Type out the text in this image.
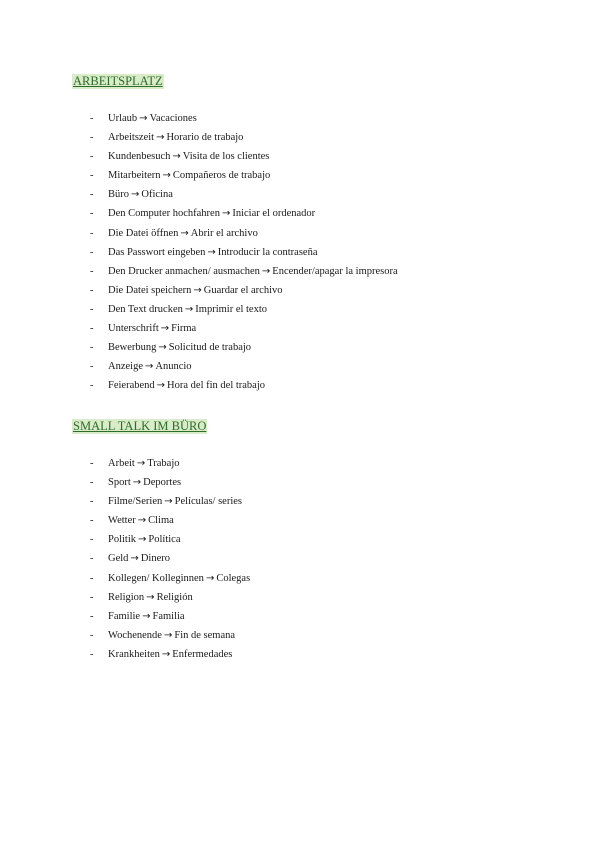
ARBEITSPLATZ
- Urlaub → Vacaciones
- Arbeitszeit → Horario de trabajo
- Kundenbesuch → Visita de los clientes
- Mitarbeitern → Compañeros de trabajo
- Büro → Oficina
- Den Computer hochfahren → Iniciar el ordenador
- Die Datei öffnen → Abrir el archivo
- Das Passwort eingeben → Introducir la contraseña
- Den Drucker anmachen/ ausmachen → Encender/apagar la impresora
- Die Datei speichern → Guardar el archivo
- Den Text drucken → Imprimir el texto
- Unterschrift → Firma
- Bewerbung → Solicitud de trabajo
- Anzeige → Anuncio
- Feierabend → Hora del fin del trabajo
SMALL TALK IM BÜRO
- Arbeit → Trabajo
- Sport → Deportes
- Filme/Serien → Películas/ series
- Wetter → Clima
- Politik → Política
- Geld → Dinero
- Kollegen/ Kolleginnen → Colegas
- Religion → Religión
- Familie → Familia
- Wochenende → Fin de semana
- Krankheiten → Enfermedades
